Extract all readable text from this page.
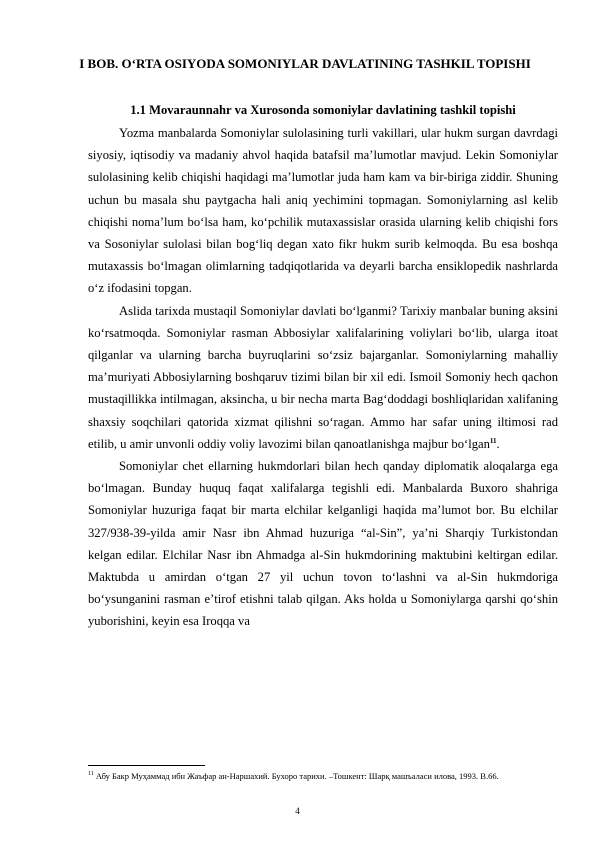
I BOB. O‘RTA OSIYODA SOMONIYLAR DAVLATINING TASHKIL TOPISHI
1.1 Movaraunnahr va Xurosonda somoniylar davlatining tashkil topishi

Yozma manbalarda Somoniylar sulolasining turli vakillari, ular hukm surgan davrdagi siyosiy, iqtisodiy va madaniy ahvol haqida batafsil maʼlumotlar mavjud. Lekin Somoniylar sulolasining kelib chiqishi haqidagi maʼlumotlar juda ham kam va bir-biriga ziddir. Shuning uchun bu masala shu paytgacha hali aniq yechimini topmagan. Somoniylarning asl kelib chiqishi nomaʼlum bo‘lsa ham, ko‘pchilik mutaxassislar orasida ularning kelib chiqishi fors va Sosoniylar sulolasi bilan bog‘liq degan xato fikr hukm surib kelmoqda. Bu esa boshqa mutaxassis bo‘lmagan olimlarning tadqiqotlarida va deyarli barcha ensiklopedik nashrlarda o‘z ifodasini topgan.

Aslida tarixda mustaqil Somoniylar davlati bo‘lganmi? Tarixiy manbalar buning aksini ko‘rsatmoqda. Somoniylar rasman Abbosiylar xalifalarining voliylari bo‘lib, ularga itoat qilganlar va ularning barcha buyruqlarini so‘zsiz bajarganlar. Somoniylarning mahalliy maʼmuriyati Abbosiylarning boshqaruv tizimi bilan bir xil edi. Ismoil Somoniy hech qachon mustaqillikka intilmagan, aksincha, u bir necha marta Bag‘doddagi boshliqlaridan xalifaning shaxsiy soqchilari qatorida xizmat qilishni so‘ragan. Ammo har safar uning iltimosi rad etilib, u amir unvonli oddiy voliy lavozimi bilan qanoatlanishga majbur bo‘lgan$^{11}$.

Somoniylar chet ellarning hukmdorlari bilan hech qanday diplomatik aloqalarga ega bo‘lmagan. Bunday huquq faqat xalifalarga tegishli edi. Manbalarda Buxoro shahriga Somoniylar huzuriga faqat bir marta elchilar kelganligi haqida maʼlumot bor. Bu elchilar 327/938-39-yilda amir Nasr ibn Ahmad huzuriga “al-Sin”, yaʼni Sharqiy Turkistondan kelgan edilar. Elchilar Nasr ibn Ahmadga al-Sin hukmdorining maktubini keltirgan edilar. Maktubda u amirdan o‘tgan 27 yil uchun tovon to‘lashni va al-Sin hukmdoriga bo‘ysunganini rasman eʼtirof etishni talab qilgan. Aks holda u Somoniylarga qarshi qo‘shin yuborishini, keyin esa Iroqqa va

$^{11}$ Абу Бакр Муҳаммад ибн Жаъфар ан-Наршахий. Бухоро тарихи. –Тошкент: Шарқ машъаласи илова, 1993. B.66.
4
